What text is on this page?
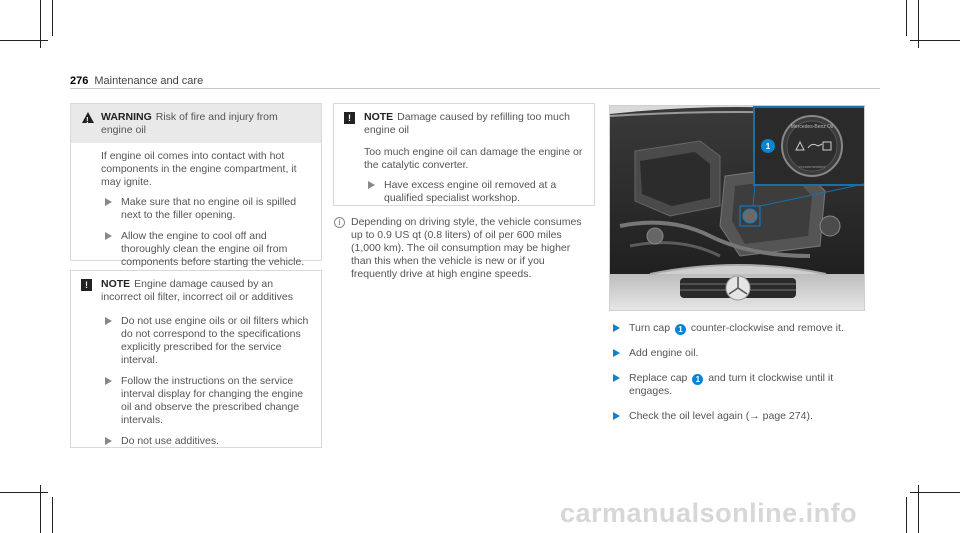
276 Maintenance and care
!
WARNING Risk of fire and injury from engine oil

If engine oil comes into contact with hot components in the engine compartment, it may ignite.

Make sure that no engine oil is spilled next to the filler opening.
Allow the engine to cool off and thoroughly clean the engine oil from components before starting the vehicle.
!	NOTE Engine damage caused by an incorrect oil filter, incorrect oil or additives
Do not use engine oils or oil filters which do not correspond to the specifications explicitly prescribed for the service interval.
Follow the instructions on the service interval display for changing the engine oil and observe the prescribed change intervals.
Do not use additives.
!	NOTE Damage caused by refilling too much engine oil

Too much engine oil can damage the engine or the catalytic converter.

Have excess engine oil removed at a qualified specialist workshop.
i Depending on driving style, the vehicle consumes up to 0.9 US qt (0.8 liters) of oil per 600 miles (1,000 km). The oil consumption may be higher than this when the vehicle is new or if you frequently drive at high engine speeds.
Mercedes-Benz Oil
recommended
1
Turn cap 1 counter-clockwise and remove it.
Add engine oil.
Replace cap 1 and turn it clockwise until it engages.
Check the oil level again (→ page 274).
carmanualsonline.info
